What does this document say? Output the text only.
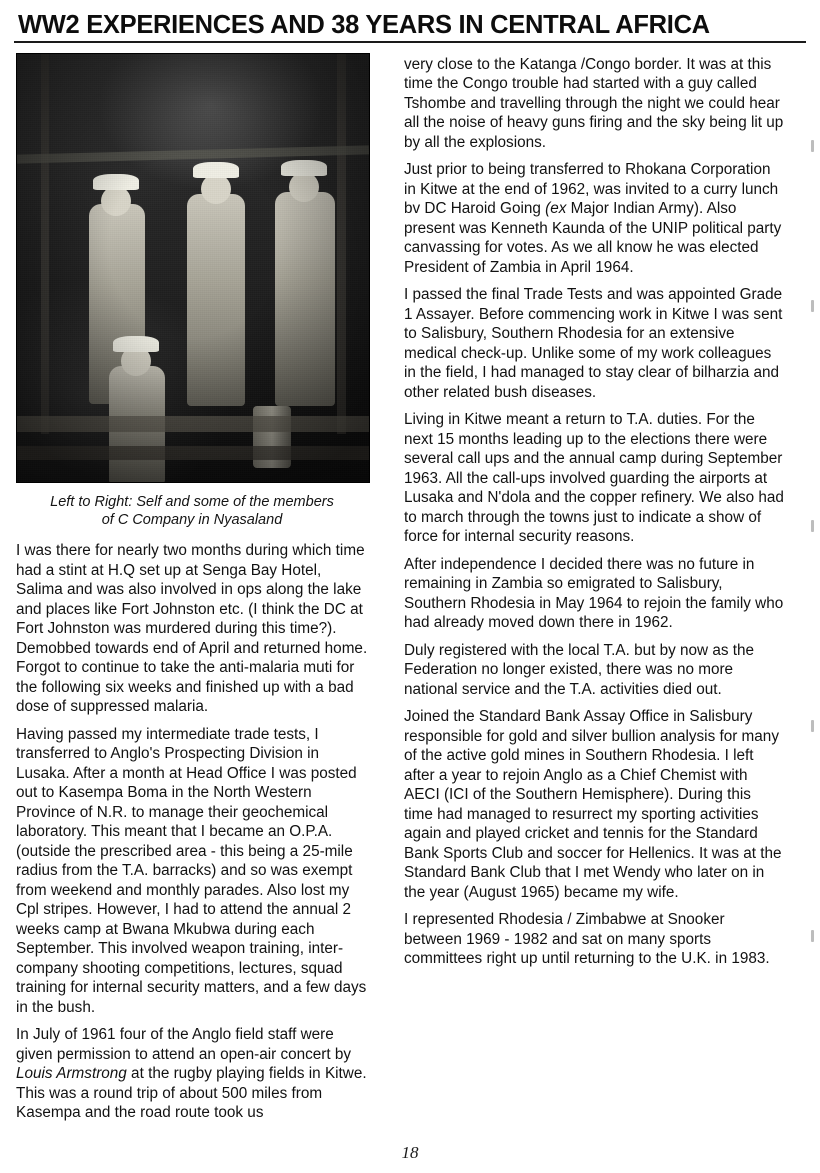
WW2 EXPERIENCES AND 38 YEARS IN CENTRAL AFRICA
Left to Right: Self and some of the members
of C Company in Nyasaland

I was there for nearly two months during which time had a stint at H.Q set up at Senga Bay Hotel, Salima and was also involved in ops along the lake and places like Fort Johnston etc. (I think the DC at Fort Johnston was murdered during this time?). Demobbed towards end of April and returned home. Forgot to continue to take the anti-malaria muti for the following six weeks and finished up with a bad dose of suppressed malaria.

Having passed my intermediate trade tests, I transferred to Anglo's Prospecting Division in Lusaka. After a month at Head Office I was posted out to Kasempa Boma in the North Western Province of N.R. to manage their geochemical laboratory. This meant that I became an O.P.A. (outside the prescribed area - this being a 25-mile radius from the T.A. barracks) and so was exempt from weekend and monthly parades. Also lost my Cpl stripes. However, I had to attend the annual 2 weeks camp at Bwana Mkubwa during each September. This involved weapon training, inter-company shooting competitions, lectures, squad training for internal security matters, and a few days in the bush.

In July of 1961 four of the Anglo field staff were given permission to attend an open-air concert by Louis Armstrong at the rugby playing fields in Kitwe. This was a round trip of about 500 miles from Kasempa and the road route took us

very close to the Katanga /Congo border. It was at this time the Congo trouble had started with a guy called Tshombe and travelling through the night we could hear all the noise of heavy guns firing and the sky being lit up by all the explosions.

Just prior to being transferred to Rhokana Corporation in Kitwe at the end of 1962, was invited to a curry lunch bv DC Haroid Going (ex Major Indian Army). Also present was Kenneth Kaunda of the UNIP political party canvassing for votes. As we all know he was elected President of Zambia in April 1964.

I passed the final Trade Tests and was appointed Grade 1 Assayer. Before commencing work in Kitwe I was sent to Salisbury, Southern Rhodesia for an extensive medical check-up. Unlike some of my work colleagues in the field, I had managed to stay clear of bilharzia and other related bush diseases.

Living in Kitwe meant a return to T.A. duties. For the next 15 months leading up to the elections there were several call ups and the annual camp during September 1963. All the call-ups involved guarding the airports at Lusaka and N'dola and the copper refinery. We also had to march through the towns just to indicate a show of force for internal security reasons.

After independence I decided there was no future in remaining in Zambia so emigrated to Salisbury, Southern Rhodesia in May 1964 to rejoin the family who had already moved down there in 1962.

Duly registered with the local T.A. but by now as the Federation no longer existed, there was no more national service and the T.A. activities died out.

Joined the Standard Bank Assay Office in Salisbury responsible for gold and silver bullion analysis for many of the active gold mines in Southern Rhodesia. I left after a year to rejoin Anglo as a Chief Chemist with AECI (ICI of the Southern Hemisphere). During this time had managed to resurrect my sporting activities again and played cricket and tennis for the Standard Bank Sports Club and soccer for Hellenics. It was at the Standard Bank Club that I met Wendy who later on in the year (August 1965) became my wife.

I represented Rhodesia / Zimbabwe at Snooker between 1969 - 1982 and sat on many sports committees right up until returning to the U.K. in 1983.

18
